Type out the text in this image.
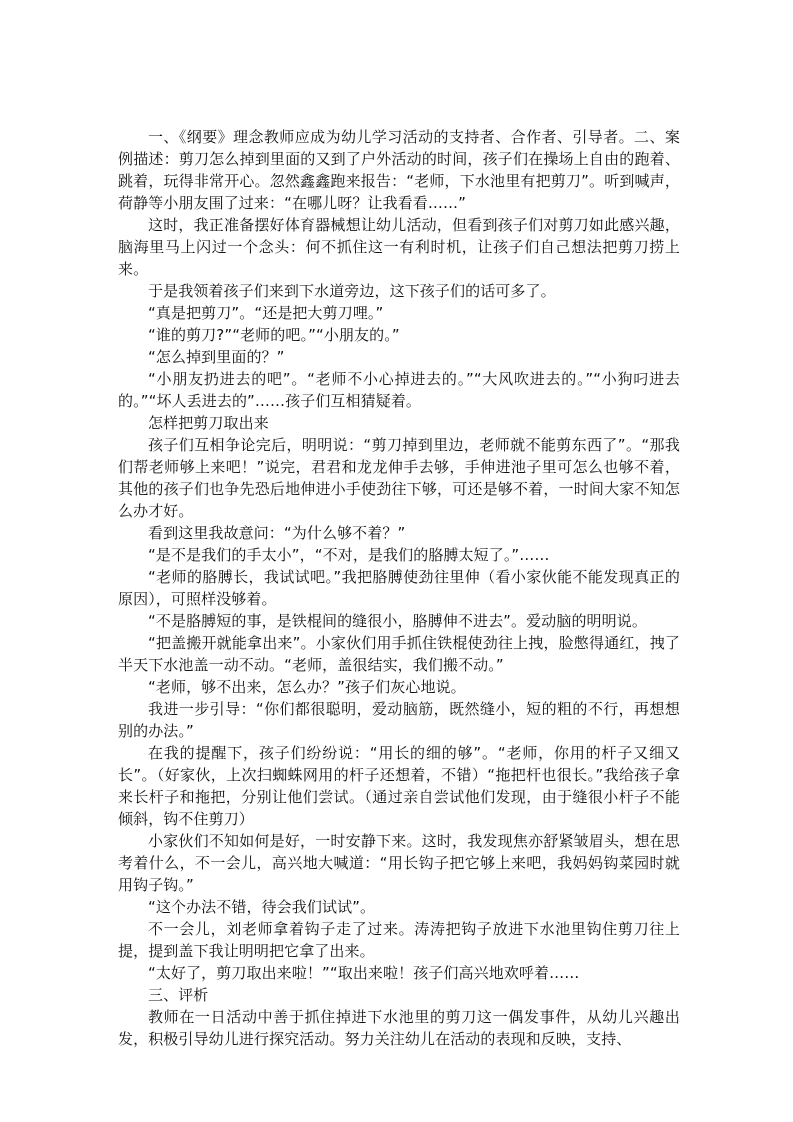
一、《纲要》理念教师应成为幼儿学习活动的支持者、合作者、引导者。二、案例描述：剪刀怎么掉到里面的又到了户外活动的时间，孩子们在操场上自由的跑着、跳着，玩得非常开心。忽然鑫鑫跑来报告：“老师，下水池里有把剪刀”。听到喊声，荷静等小朋友围了过来：“在哪儿呀？让我看看……”

这时，我正准备摆好体育器械想让幼儿活动，但看到孩子们对剪刀如此感兴趣，脑海里马上闪过一个念头：何不抓住这一有利时机，让孩子们自己想法把剪刀捞上来。

于是我领着孩子们来到下水道旁边，这下孩子们的话可多了。

“真是把剪刀”。“还是把大剪刀哩。”

“谁的剪刀?”“老师的吧。”“小朋友的。”

“怎么掉到里面的？”

“小朋友扔进去的吧”。“老师不小心掉进去的。”“大风吹进去的。”“小狗叼进去的。”“坏人丢进去的”……孩子们互相猜疑着。

怎样把剪刀取出来

孩子们互相争论完后，明明说：“剪刀掉到里边，老师就不能剪东西了”。“那我们帮老师够上来吧！”说完，君君和龙龙伸手去够，手伸进池子里可怎么也够不着，其他的孩子们也争先恐后地伸进小手使劲往下够，可还是够不着，一时间大家不知怎么办才好。

看到这里我故意问：“为什么够不着？”

“是不是我们的手太小”，“不对，是我们的胳膊太短了。”……

“老师的胳膊长，我试试吧。”我把胳膊使劲往里伸（看小家伙能不能发现真正的原因），可照样没够着。

“不是胳膊短的事，是铁棍间的缝很小，胳膊伸不进去”。爱动脑的明明说。

“把盖搬开就能拿出来”。小家伙们用手抓住铁棍使劲往上拽，脸憋得通红，拽了半天下水池盖一动不动。“老师，盖很结实，我们搬不动。”

“老师，够不出来，怎么办？”孩子们灰心地说。

我进一步引导：“你们都很聪明，爱动脑筋，既然缝小，短的粗的不行，再想想别的办法。”

在我的提醒下，孩子们纷纷说：“用长的细的够”。“老师，你用的杆子又细又长”。（好家伙，上次扫蜘蛛网用的杆子还想着，不错）“拖把杆也很长。”我给孩子拿来长杆子和拖把，分别让他们尝试。（通过亲自尝试他们发现，由于缝很小杆子不能倾斜，钩不住剪刀）

小家伙们不知如何是好，一时安静下来。这时，我发现焦亦舒紧皱眉头，想在思考着什么，不一会儿，高兴地大喊道：“用长钩子把它够上来吧，我妈妈钩菜园时就用钩子钩。”

“这个办法不错，待会我们试试”。

不一会儿，刘老师拿着钩子走了过来。涛涛把钩子放进下水池里钩住剪刀往上提，提到盖下我让明明把它拿了出来。

“太好了，剪刀取出来啦！”“取出来啦！孩子们高兴地欢呼着……

三、评析

教师在一日活动中善于抓住掉进下水池里的剪刀这一偶发事件，从幼儿兴趣出发，积极引导幼儿进行探究活动。努力关注幼儿在活动的表现和反映，支持、
